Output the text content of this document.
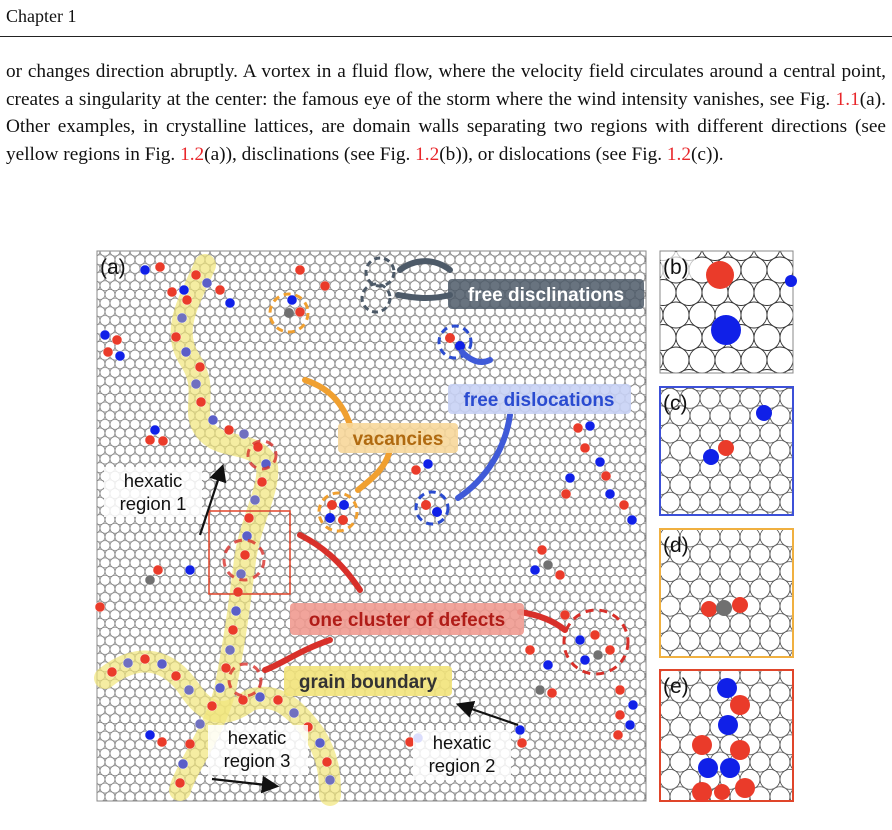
Chapter 1

or changes direction abruptly. A vortex in a fluid flow, where the velocity field circulates around a central point, creates a singularity at the center: the famous eye of the storm where the wind intensity vanishes, see Fig. 1.1(a). Other examples, in crystalline lattices, are domain walls separating two regions with different directions (see yellow regions in Fig. 1.2(a)), disclinations (see Fig. 1.2(b)), or dislocations (see Fig. 1.2(c)).

free disclinations
free dislocations
vacancies
one cluster of defects
grain boundary
hexatic
region 1
hexatic
region 2
hexatic
region 3
(a)	(b)
(c)
(d)
(e)
